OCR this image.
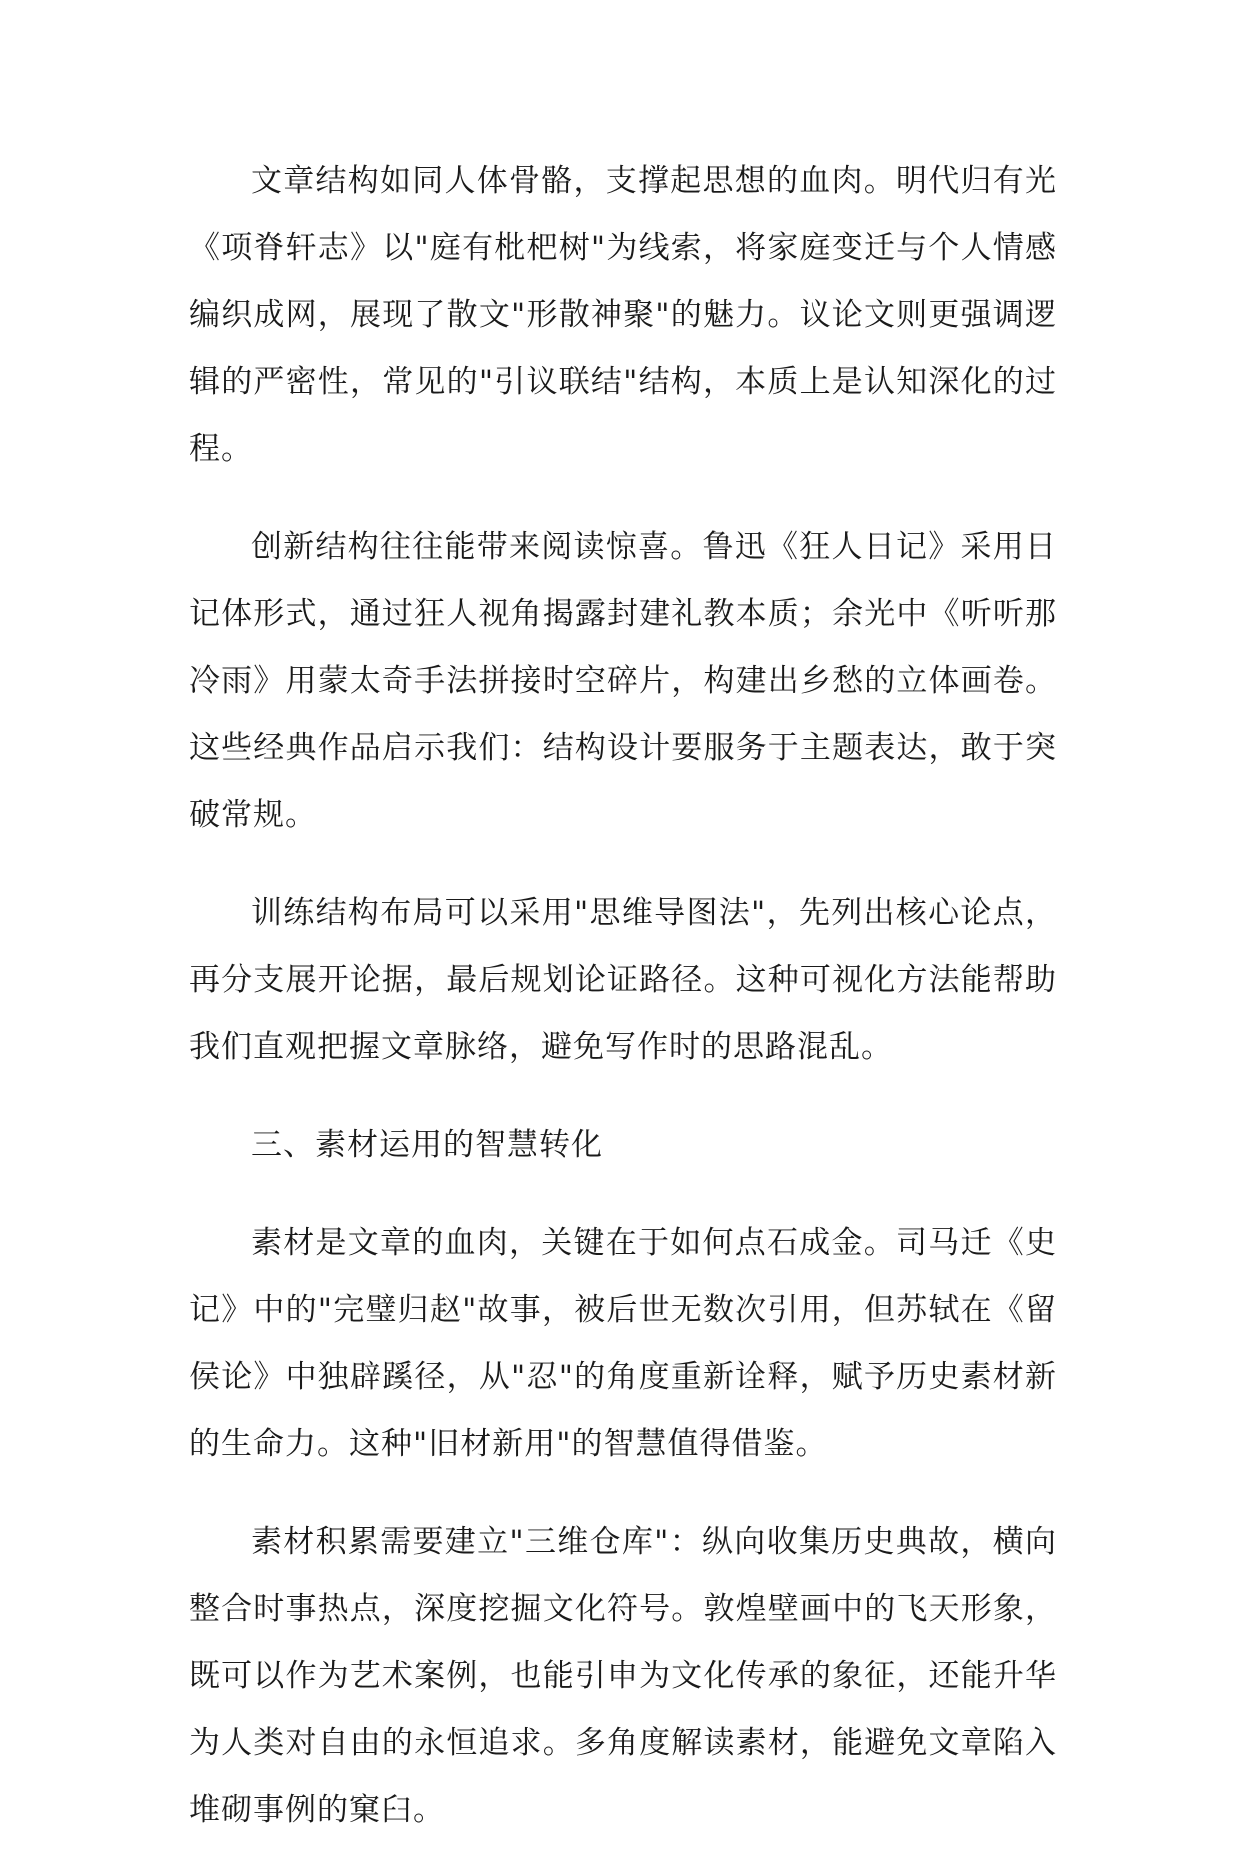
文章结构如同人体骨骼，支撑起思想的血肉。明代归有光《项脊轩志》以"庭有枇杷树"为线索，将家庭变迁与个人情感编织成网，展现了散文"形散神聚"的魅力。议论文则更强调逻辑的严密性，常见的"引议联结"结构，本质上是认知深化的过程。

创新结构往往能带来阅读惊喜。鲁迅《狂人日记》采用日记体形式，通过狂人视角揭露封建礼教本质；余光中《听听那冷雨》用蒙太奇手法拼接时空碎片，构建出乡愁的立体画卷。这些经典作品启示我们：结构设计要服务于主题表达，敢于突破常规。

训练结构布局可以采用"思维导图法"，先列出核心论点，再分支展开论据，最后规划论证路径。这种可视化方法能帮助我们直观把握文章脉络，避免写作时的思路混乱。

三、素材运用的智慧转化

素材是文章的血肉，关键在于如何点石成金。司马迁《史记》中的"完璧归赵"故事，被后世无数次引用，但苏轼在《留侯论》中独辟蹊径，从"忍"的角度重新诠释，赋予历史素材新的生命力。这种"旧材新用"的智慧值得借鉴。

素材积累需要建立"三维仓库"：纵向收集历史典故，横向整合时事热点，深度挖掘文化符号。敦煌壁画中的飞天形象，既可以作为艺术案例，也能引申为文化传承的象征，还能升华为人类对自由的永恒追求。多角度解读素材，能避免文章陷入堆砌事例的窠臼。
